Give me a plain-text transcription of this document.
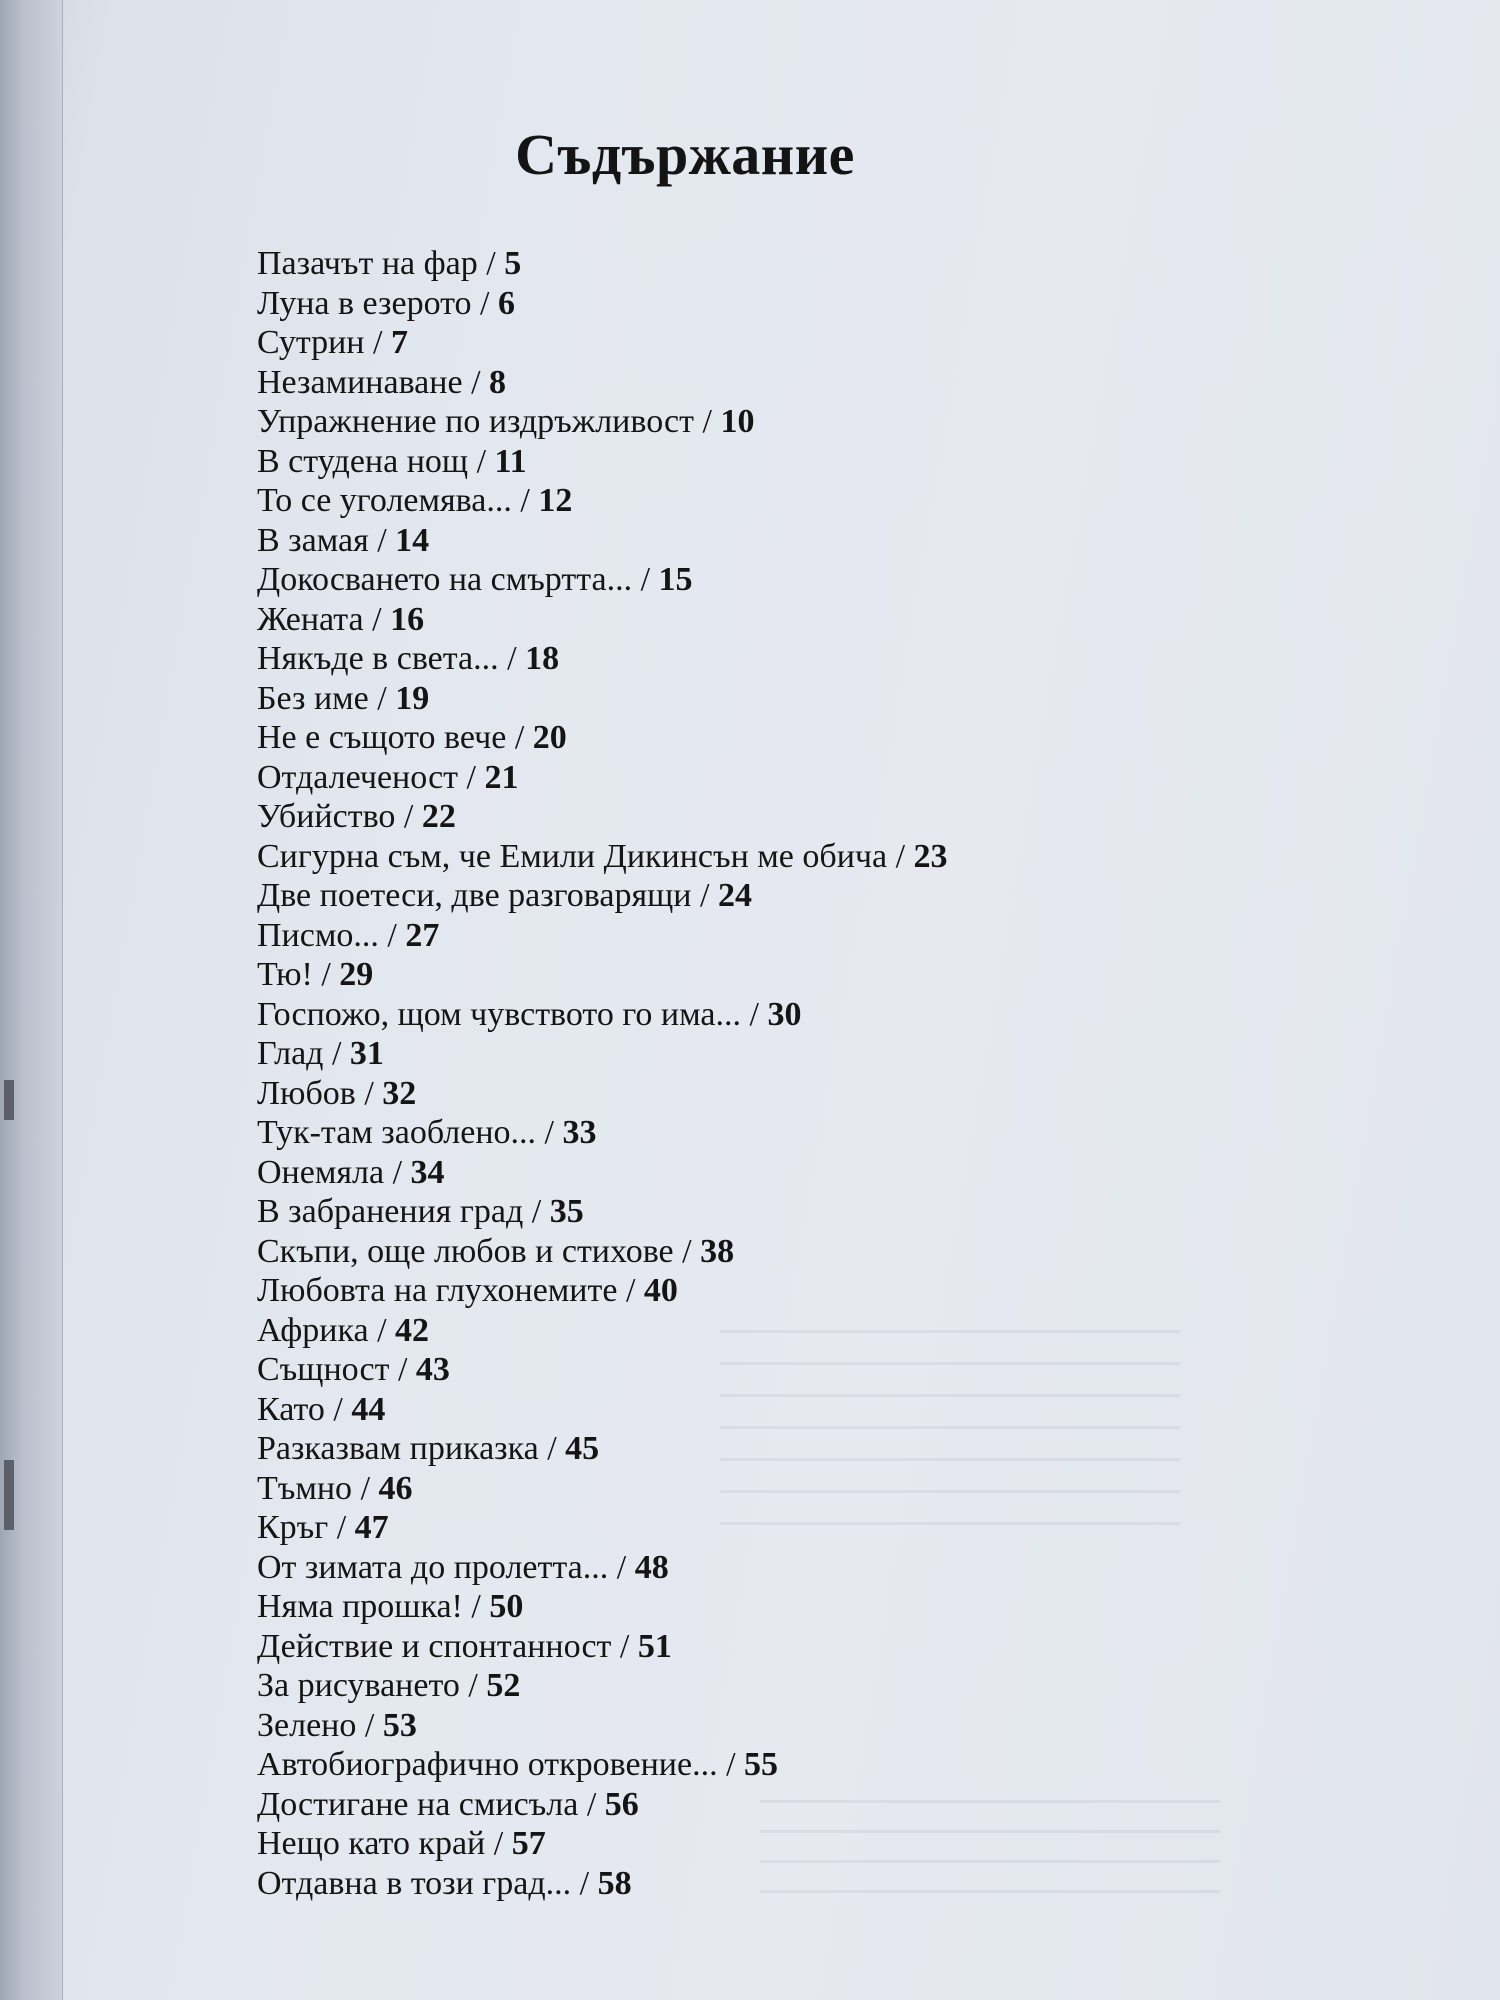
Съдържание
Пазачът на фар / 5
Луна в езерото / 6
Сутрин / 7
Незаминаване / 8
Упражнение по издръжливост / 10
В студена нощ / 11
То се уголемява... / 12
В замая / 14
Докосването на смъртта... / 15
Жената / 16
Някъде в света... / 18
Без име / 19
Не е същото вече / 20
Отдалеченост / 21
Убийство / 22
Сигурна съм, че Емили Дикинсън ме обича / 23
Две поетеси, две разговарящи / 24
Писмо... / 27
Тю! / 29
Госпожо, щом чувството го има... / 30
Глад / 31
Любов / 32
Тук-там заоблено... / 33
Онемяла / 34
В забранения град / 35
Скъпи, още любов и стихове / 38
Любовта на глухонемите / 40
Африка / 42
Същност / 43
Като / 44
Разказвам приказка / 45
Тъмно / 46
Кръг / 47
От зимата до пролетта... / 48
Няма прошка! / 50
Действие и спонтанност / 51
За рисуването / 52
Зелено / 53
Автобиографично откровение... / 55
Достигане на смисъла / 56
Нещо като край / 57
Отдавна в този град... / 58
